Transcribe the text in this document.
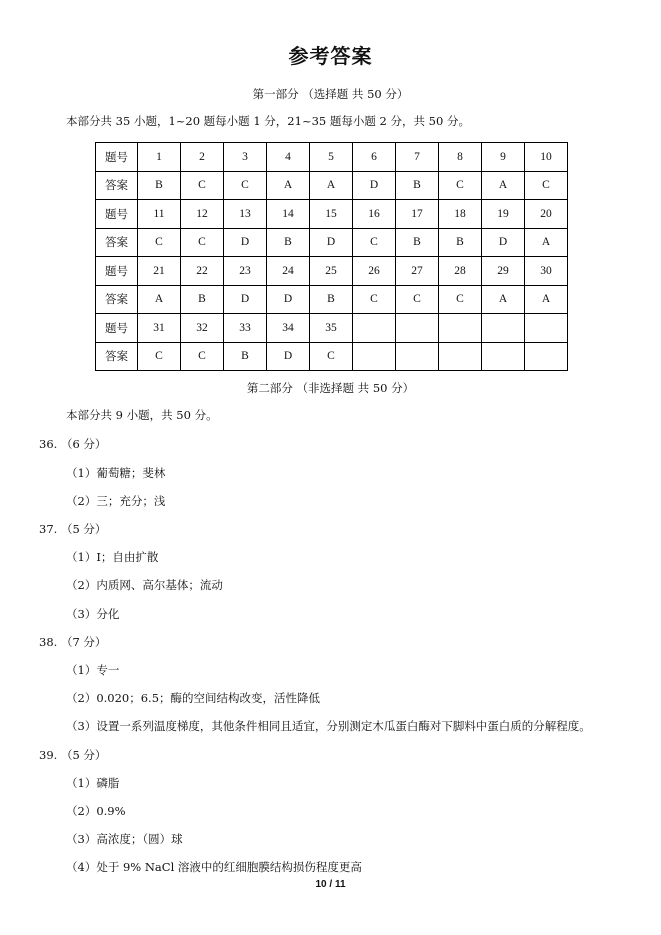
参考答案
第一部分 （选择题 共 50 分）
本部分共 35 小题，1~20 题每小题 1 分，21~35 题每小题 2 分，共 50 分。
题号	1	2	3	4	5	6	7	8	9	10
答案	B	C	C	A	A	D	B	C	A	C
题号	11	12	13	14	15	16	17	18	19	20
答案	C	C	D	B	D	C	B	B	D	A
题号	21	22	23	24	25	26	27	28	29	30
答案	A	B	D	D	B	C	C	C	A	A
题号	31	32	33	34	35					
答案	C	C	B	D	C					
第二部分 （非选择题 共 50 分）
本部分共 9 小题，共 50 分。
36. （6 分）
（1）葡萄糖；斐林
（2）三；充分；浅
37. （5 分）
（1）I；自由扩散
（2）内质网、高尔基体；流动
（3）分化
38. （7 分）
（1）专一
（2）0.020；6.5；酶的空间结构改变，活性降低
（3）设置一系列温度梯度，其他条件相同且适宜，分别测定木瓜蛋白酶对下脚料中蛋白质的分解程度。
39. （5 分）
（1）磷脂
（2）0.9%
（3）高浓度；（圆）球
（4）处于 9% NaCl 溶液中的红细胞膜结构损伤程度更高
10 / 11
